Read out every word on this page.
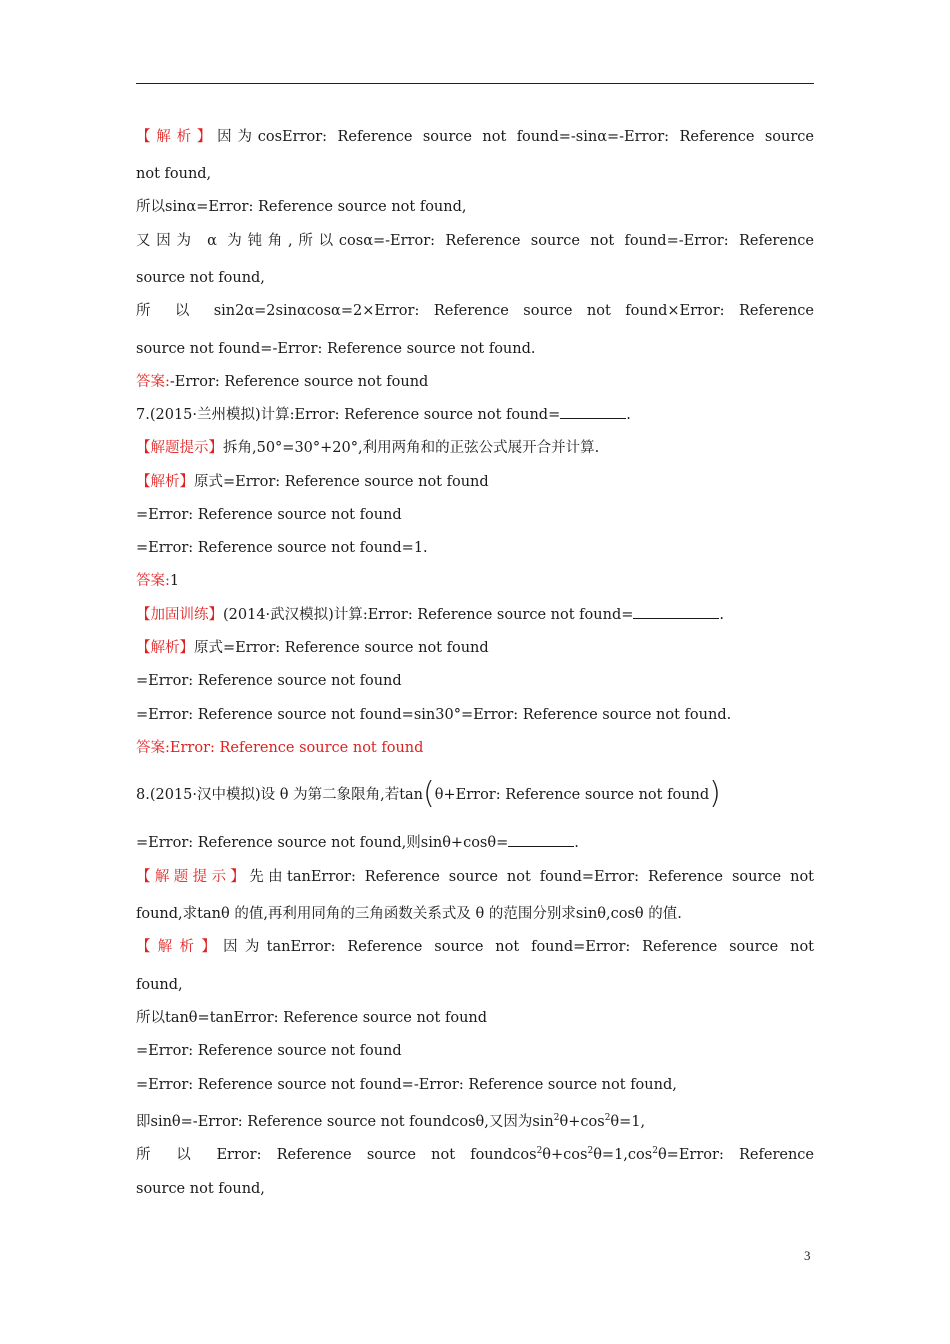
【解析】因为cosError: Reference source not found=-sinα=-Error: Reference source
not found,
所以sinα=Error: Reference source not found,
又因为 α 为钝角,所以cosα=-Error: Reference source not found=-Error: Reference
source not found,
所 以 sin2α=2sinαcosα=2×Error: Reference source not found×Error: Reference
source not found=-Error: Reference source not found.
答案:-Error: Reference source not found
7.(2015·兰州模拟)计算:Error: Reference source not found=	.
【解题提示】拆角,50°=30°+20°,利用两角和的正弦公式展开合并计算.
【解析】原式=Error: Reference source not found
=Error: Reference source not found
=Error: Reference source not found=1.
答案:1
【加固训练】(2014·武汉模拟)计算:Error: Reference source not found=	.
【解析】原式=Error: Reference source not found
=Error: Reference source not found
=Error: Reference source not found=sin30°=Error: Reference source not found.
答案:Error: Reference source not found
8.(2015·汉中模拟)设 θ 为第二象限角,若tan(θ+Error: Reference source not found)
=Error: Reference source not found,则sinθ+cosθ=	.
【解题提示】先由tanError: Reference source not found=Error: Reference source not
found,求tanθ 的值,再利用同角的三角函数关系式及 θ 的范围分别求sinθ,cosθ 的值.
【解析】因为tanError: Reference source not found=Error: Reference source not
found,
所以tanθ=tanError: Reference source not found
=Error: Reference source not found
=Error: Reference source not found=-Error: Reference source not found,
即sinθ=-Error: Reference source not foundcosθ,又因为$\sin^2\theta+\cos^2\theta=1$,
所 以 Error: Reference source not $foundcos^2\theta+\cos^2\theta=1,\cos^2\theta=Error$: Reference
source not found,
3
